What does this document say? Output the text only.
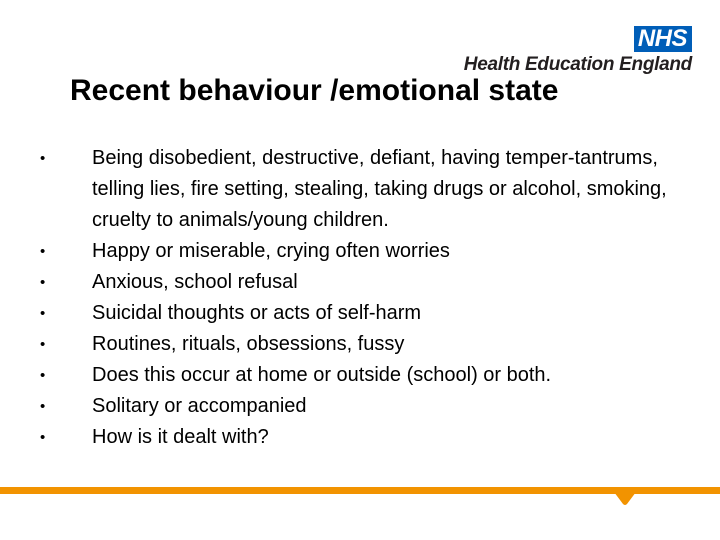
NHS
Health Education England
Recent behaviour /emotional state
• Being disobedient, destructive, defiant, having temper-tantrums, telling lies, fire setting, stealing, taking drugs or alcohol, smoking, cruelty to animals/young children.
• Happy or miserable, crying often worries
• Anxious, school refusal
• Suicidal thoughts or acts of self-harm
• Routines, rituals, obsessions, fussy
• Does this occur at home or outside (school) or both.
• Solitary or accompanied
• How is it dealt with?
